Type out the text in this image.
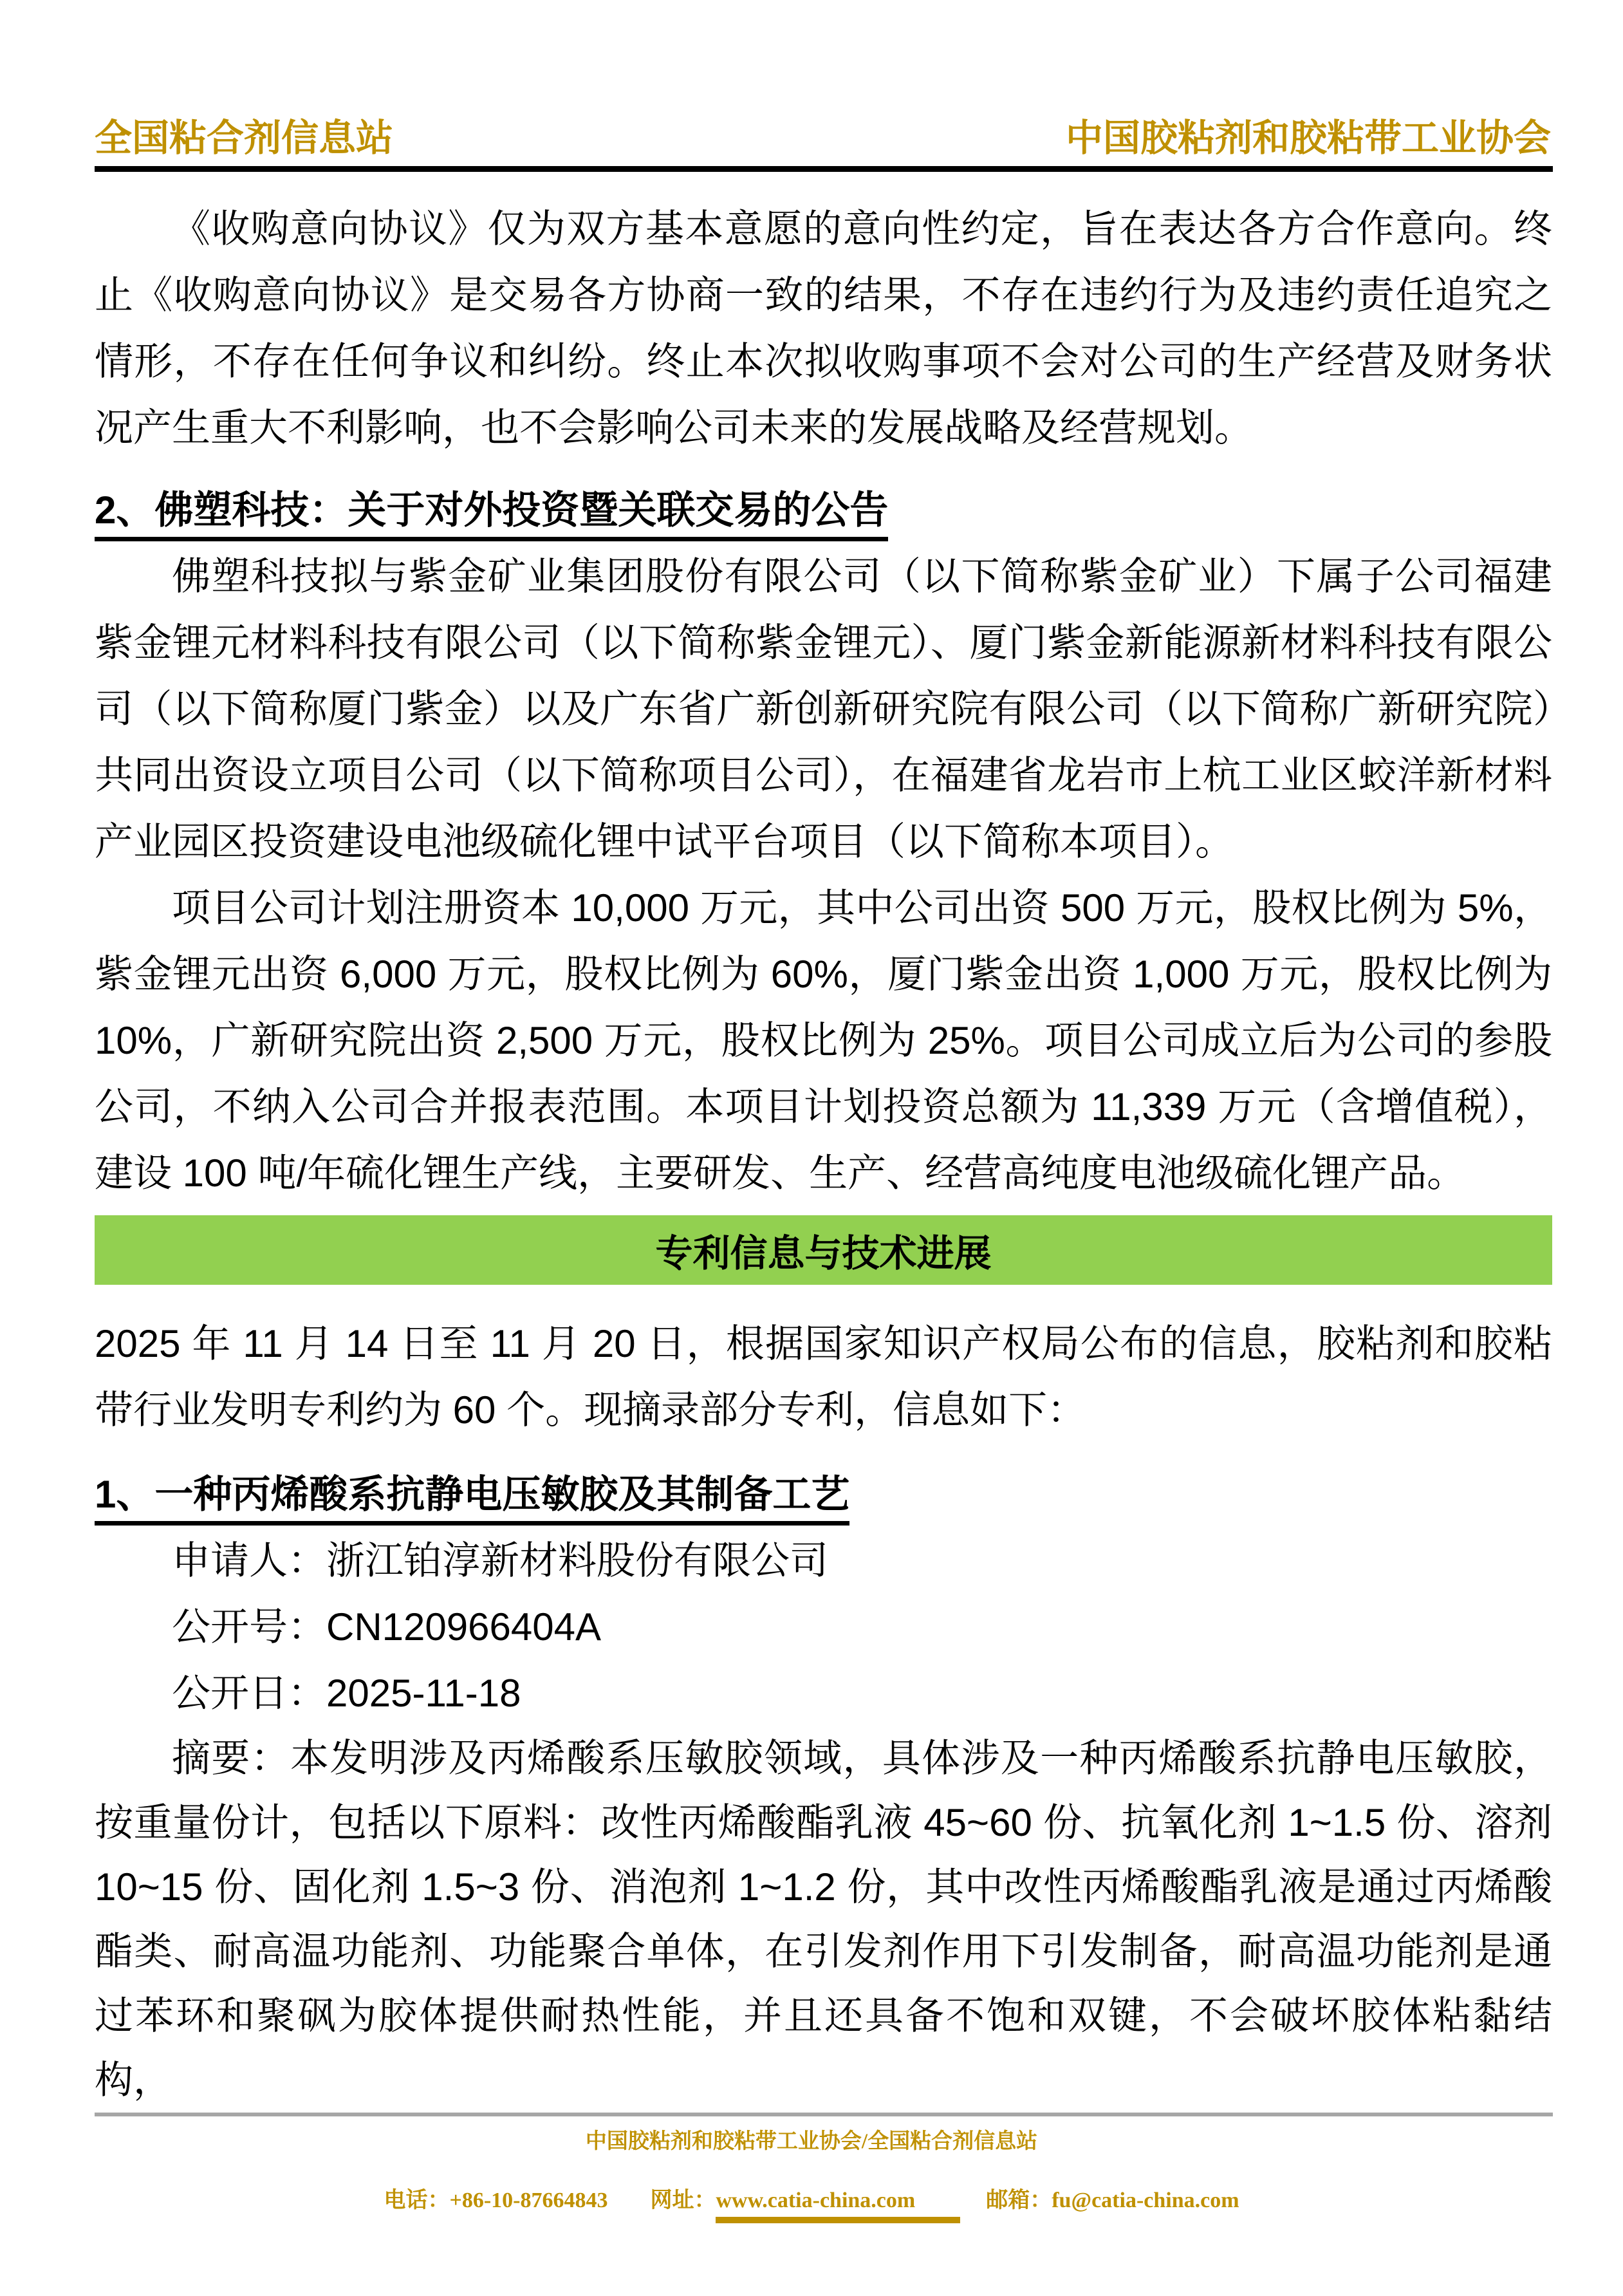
全国粘合剂信息站	中国胶粘剂和胶粘带工业协会

《收购意向协议》仅为双方基本意愿的意向性约定，旨在表达各方合作意向。终止《收购意向协议》是交易各方协商一致的结果，不存在违约行为及违约责任追究之情形，不存在任何争议和纠纷。终止本次拟收购事项不会对公司的生产经营及财务状况产生重大不利影响，也不会影响公司未来的发展战略及经营规划。

2、佛塑科技：关于对外投资暨关联交易的公告

佛塑科技拟与紫金矿业集团股份有限公司（以下简称紫金矿业）下属子公司福建紫金锂元材料科技有限公司（以下简称紫金锂元）、厦门紫金新能源新材料科技有限公司（以下简称厦门紫金）以及广东省广新创新研究院有限公司（以下简称广新研究院）共同出资设立项目公司（以下简称项目公司），在福建省龙岩市上杭工业区蛟洋新材料产业园区投资建设电池级硫化锂中试平台项目（以下简称本项目）。

项目公司计划注册资本 10,000 万元，其中公司出资 500 万元，股权比例为 5%，紫金锂元出资 6,000 万元，股权比例为 60%，厦门紫金出资 1,000 万元，股权比例为 10%，广新研究院出资 2,500 万元，股权比例为 25%。项目公司成立后为公司的参股公司，不纳入公司合并报表范围。本项目计划投资总额为 11,339 万元（含增值税），建设 100 吨/年硫化锂生产线，主要研发、生产、经营高纯度电池级硫化锂产品。

专利信息与技术进展

2025 年 11 月 14 日至 11 月 20 日，根据国家知识产权局公布的信息，胶粘剂和胶粘带行业发明专利约为 60 个。现摘录部分专利，信息如下：

1、一种丙烯酸系抗静电压敏胶及其制备工艺

申请人：浙江铂淳新材料股份有限公司
公开号：CN120966404A
公开日：2025-11-18

摘要：本发明涉及丙烯酸系压敏胶领域，具体涉及一种丙烯酸系抗静电压敏胶，按重量份计，包括以下原料：改性丙烯酸酯乳液 45~60 份、抗氧化剂 1~1.5 份、溶剂 10~15 份、固化剂 1.5~3 份、消泡剂 1~1.2 份，其中改性丙烯酸酯乳液是通过丙烯酸酯类、耐高温功能剂、功能聚合单体，在引发剂作用下引发制备，耐高温功能剂是通过苯环和聚砜为胶体提供耐热性能，并且还具备不饱和双键，不会破坏胶体粘黏结构，

中国胶粘剂和胶粘带工业协会/全国粘合剂信息站
电话： +86-10-87664843 网址： www.catia-china.com	邮箱： fu@catia-china.com
